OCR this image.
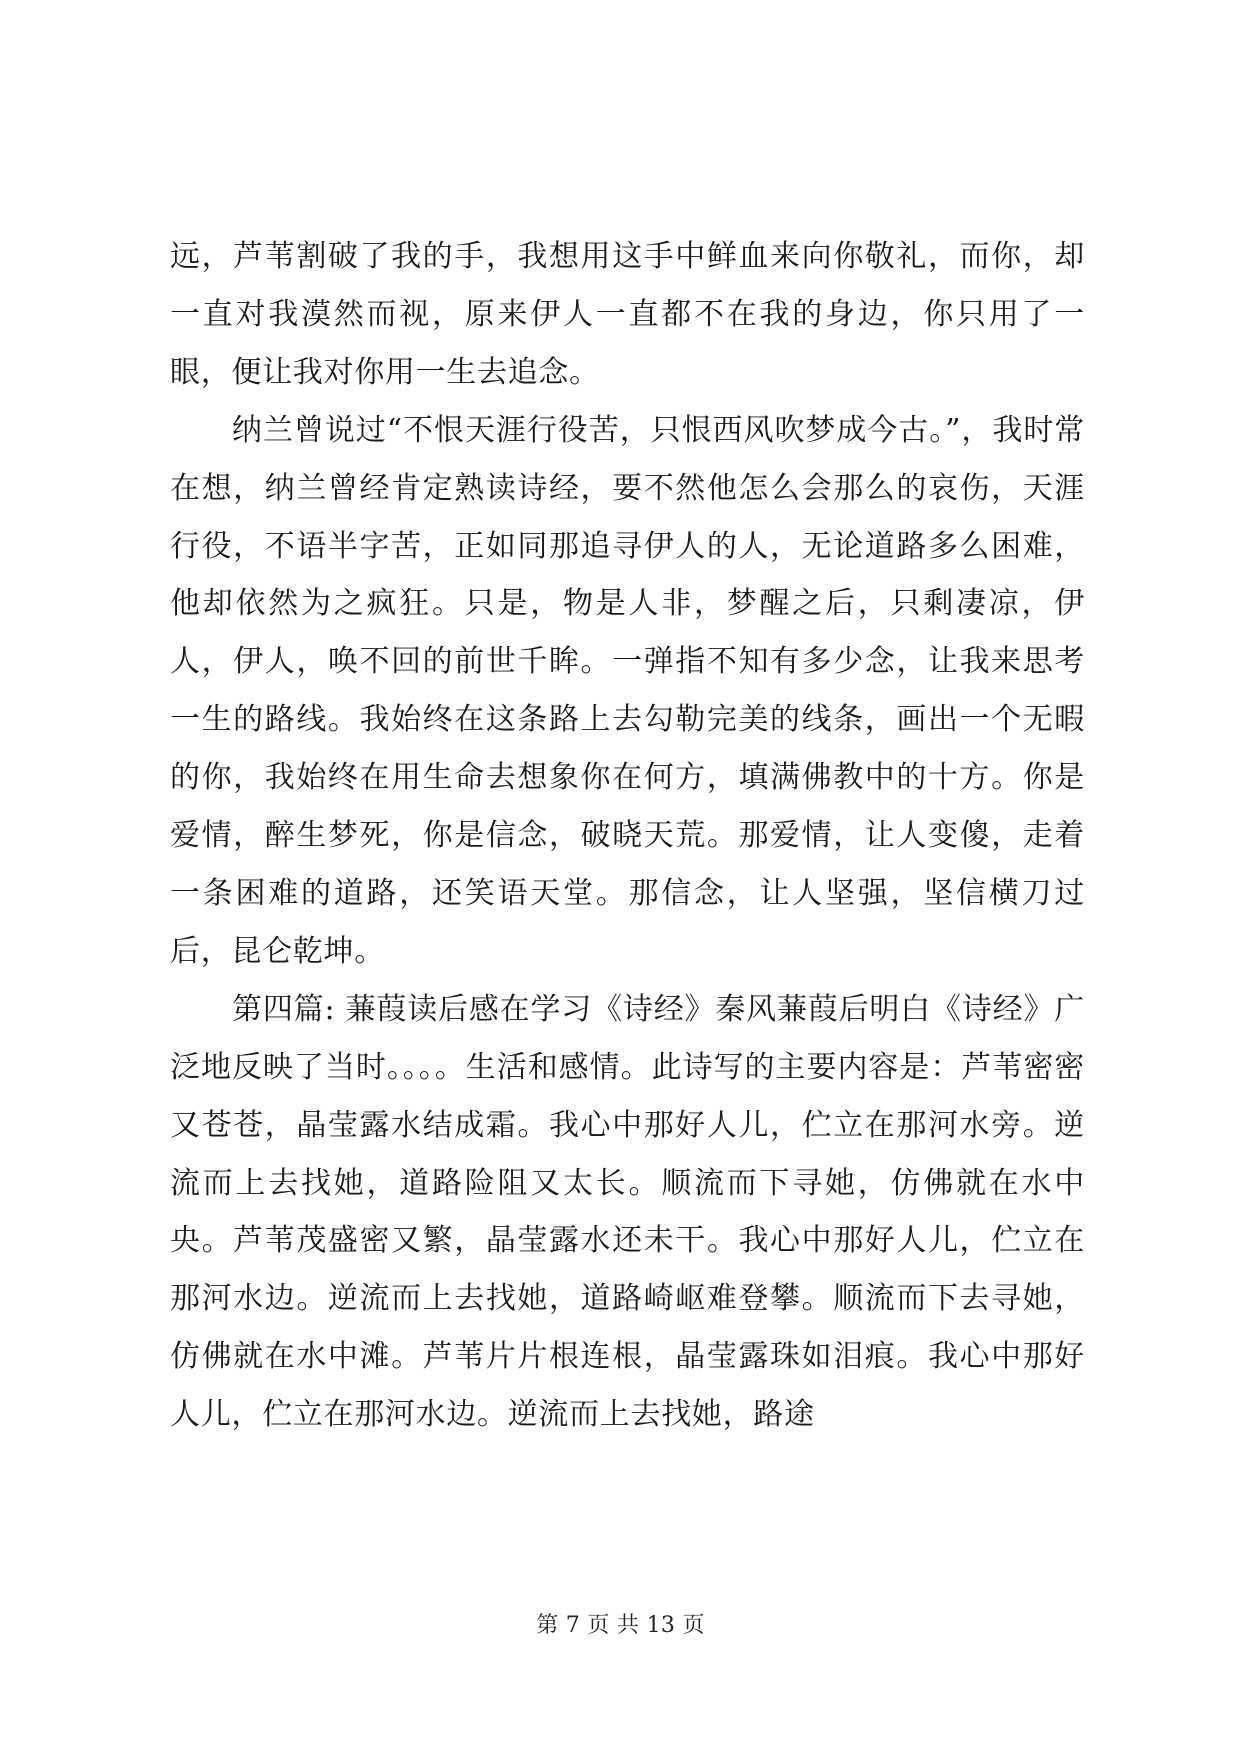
远，芦苇割破了我的手，我想用这手中鲜血来向你敬礼，而你，却一直对我漠然而视，原来伊人一直都不在我的身边，你只用了一眼，便让我对你用一生去追念。

纳兰曾说过“不恨天涯行役苦，只恨西风吹梦成今古。”，我时常在想，纳兰曾经肯定熟读诗经，要不然他怎么会那么的哀伤，天涯行役，不语半字苦，正如同那追寻伊人的人，无论道路多么困难，他却依然为之疯狂。只是，物是人非，梦醒之后，只剩凄凉，伊人，伊人，唤不回的前世千眸。一弹指不知有多少念，让我来思考一生的路线。我始终在这条路上去勾勒完美的线条，画出一个无暇的你，我始终在用生命去想象你在何方，填满佛教中的十方。你是爱情，醉生梦死，你是信念，破晓天荒。那爱情，让人变傻，走着一条困难的道路，还笑语天堂。那信念，让人坚强，坚信横刀过后，昆仑乾坤。

第四篇: 蒹葭读后感在学习《诗经》秦风蒹葭后明白《诗经》广泛地反映了当时。。。。生活和感情。此诗写的主要内容是：芦苇密密又苍苍，晶莹露水结成霜。我心中那好人儿，伫立在那河水旁。逆流而上去找她，道路险阻又太长。顺流而下寻她，仿佛就在水中央。芦苇茂盛密又繁，晶莹露水还未干。我心中那好人儿，伫立在那河水边。逆流而上去找她，道路崎岖难登攀。顺流而下去寻她，仿佛就在水中滩。芦苇片片根连根，晶莹露珠如泪痕。我心中那好人儿，伫立在那河水边。逆流而上去找她，路途

第 7 页 共 13 页
